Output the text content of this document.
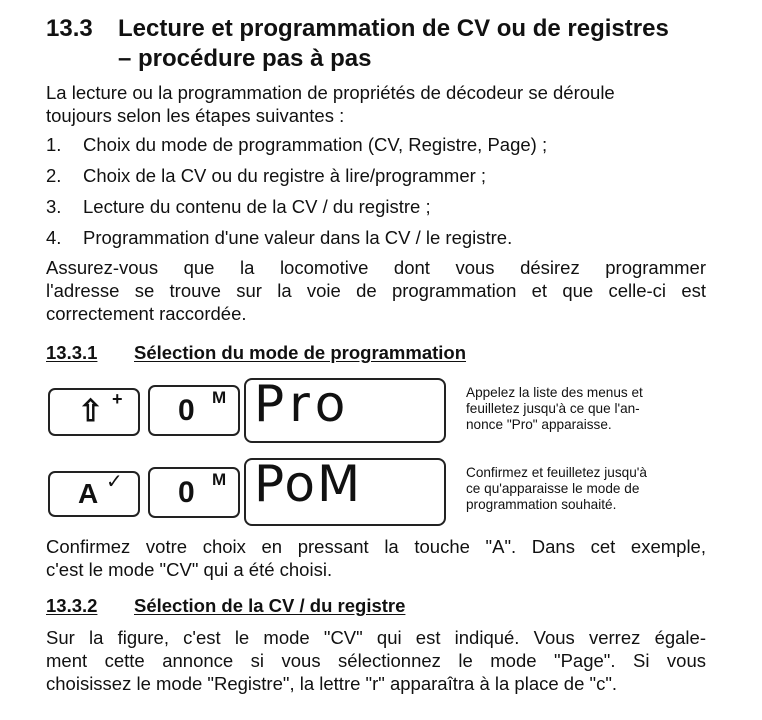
13.3 Lecture et programmation de CV ou de registres
– procédure pas à pas
La lecture ou la programmation de propriétés de décodeur se déroule
toujours selon les étapes suivantes :
1. Choix du mode de programmation (CV, Registre, Page) ;
2. Choix de la CV ou du registre à lire/programmer ;
3. Lecture du contenu de la CV / du registre ;
4. Programmation d'une valeur dans la CV / le registre.
Assurez-vous que la locomotive dont vous désirez programmer
l'adresse se trouve sur la voie de programmation et que celle-ci est
correctement raccordée.
13.3.1 Sélection du mode de programmation
⇧ + 0 M Pro	Appelez la liste des menus et
feuilletez jusqu'à ce que l'an-
nonce "Pro" apparaisse.
A ✓ 0 M PoM	Confirmez et feuilletez jusqu'à
ce qu'apparaisse le mode de
programmation souhaité.
Confirmez votre choix en pressant la touche "A". Dans cet exemple,
c'est le mode "CV" qui a été choisi.
13.3.2 Sélection de la CV / du registre
Sur la figure, c'est le mode "CV" qui est indiqué. Vous verrez égale-
ment cette annonce si vous sélectionnez le mode "Page". Si vous
choisissez le mode "Registre", la lettre "r" apparaîtra à la place de "c".
